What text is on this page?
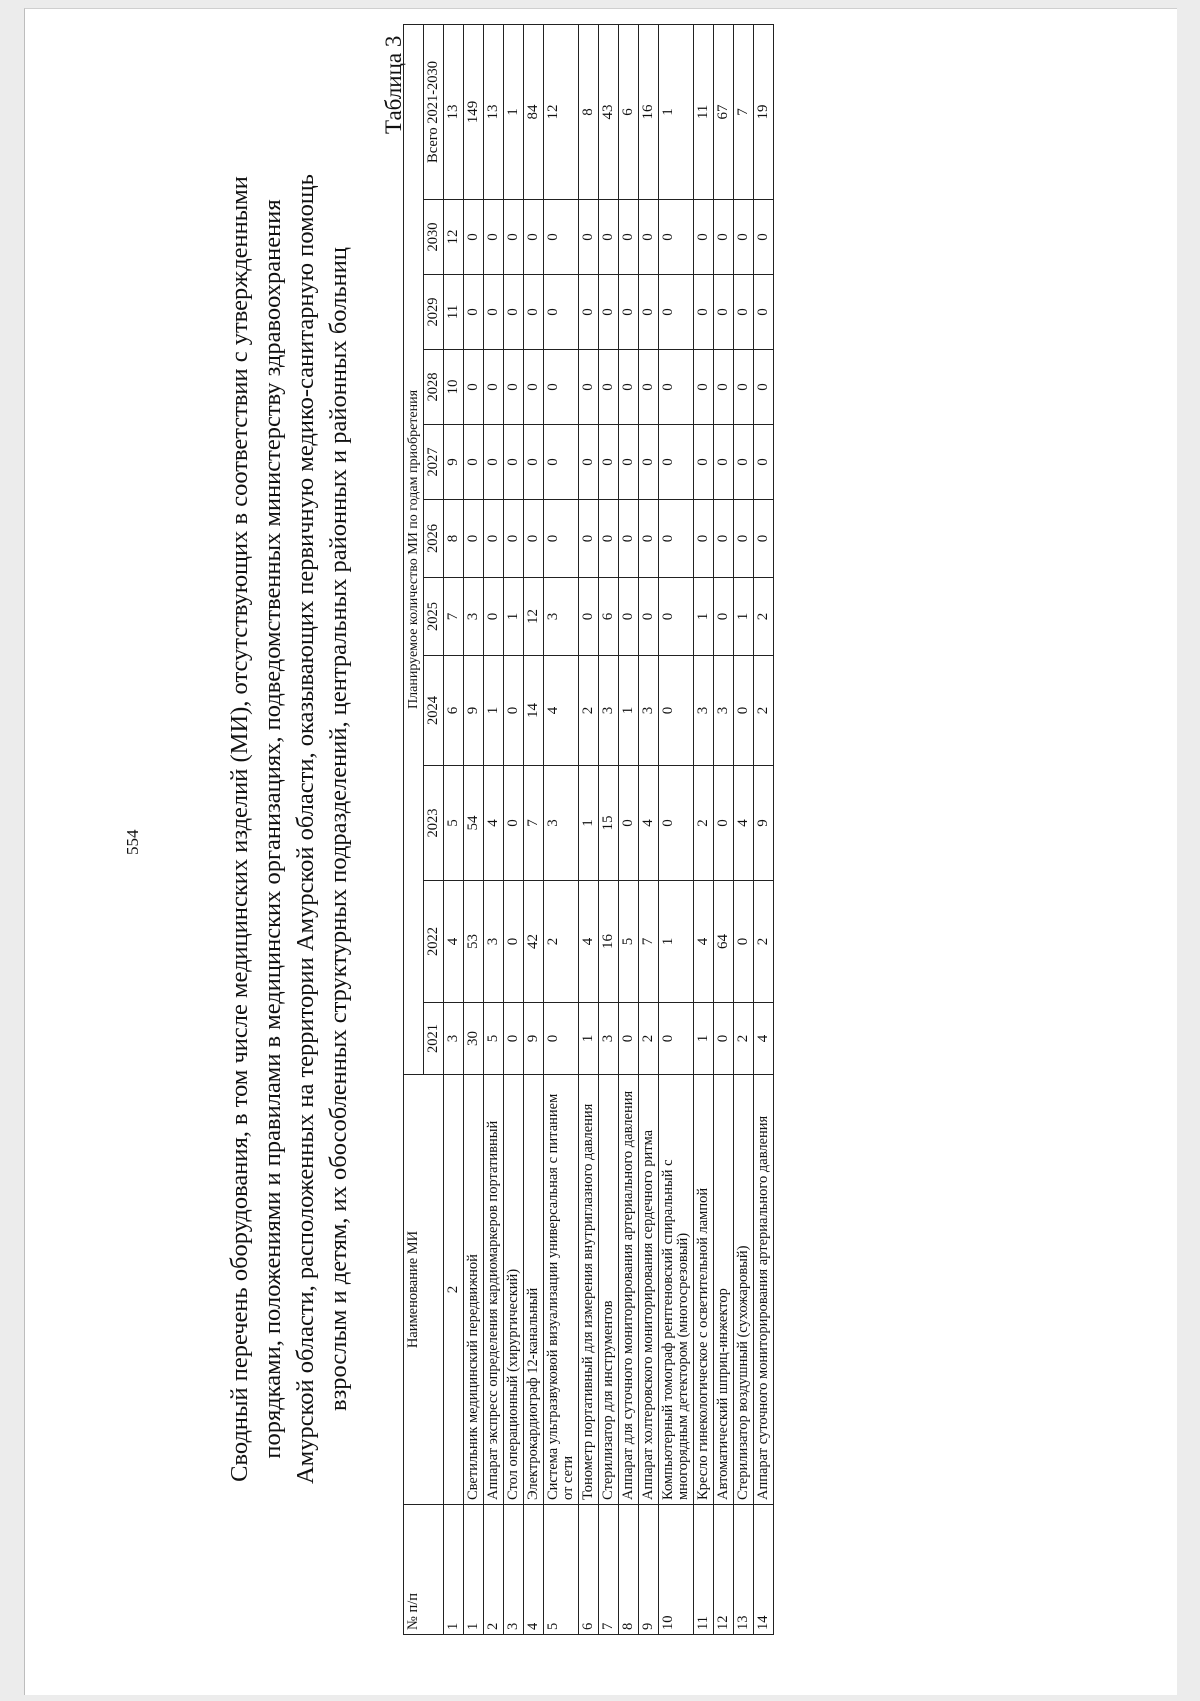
554	Сводный перечень оборудования, в том числе медицинских изделий (МИ), отсутствующих в соответствии с утвержденными порядками, положениями и правилами в медицинских организациях, подведомственных министерству здравоохранения Амурской области, расположенных на территории Амурской области, оказывающих первичную медико-санитарную помощь взрослым и детям, их обособленных структурных подразделений, центральных районных и районных больниц
Таблица 3
№ п/п	Наименование МИ	Планируемое количество МИ по годам приобретения										
		2021	2022	2023	2024	2025	2026	2027	2028	2029	2030	Всего 2021-2030
1	2	3	4	5	6	7	8	9	10	11	12	13
1	Светильник медицинский передвижной	30	53	54	9	3	0	0	0	0	0	149
2	Аппарат экспресс определения кардиомаркеров портативный	5	3	4	1	0	0	0	0	0	0	13
3	Стол операционный (хирургический)	0	0	0	0	1	0	0	0	0	0	1
4	Электрокардиограф 12-канальный	9	42	7	14	12	0	0	0	0	0	84
5	Система ультразвуковой визуализации универсальная с питанием от сети	0	2	3	4	3	0	0	0	0	0	12
6	Тонометр портативный для измерения внутриглазного давления	1	4	1	2	0	0	0	0	0	0	8
7	Стерилизатор для инструментов	3	16	15	3	6	0	0	0	0	0	43
8	Аппарат для суточного мониторирования артериального давления	0	5	0	1	0	0	0	0	0	0	6
9	Аппарат холтеровского мониторирования сердечного ритма	2	7	4	3	0	0	0	0	0	0	16
10	Компьютерный томограф рентгеновский спиральный с многорядным детектором (многосрезовый)	0	1	0	0	0	0	0	0	0	0	1
11	Кресло гинекологическое с осветительной лампой	1	4	2	3	1	0	0	0	0	0	11
12	Автоматический шприц-инжектор	0	64	0	3	0	0	0	0	0	0	67
13	Стерилизатор воздушный (сухожаровый)	2	0	4	0	1	0	0	0	0	0	7
14	Аппарат суточного мониторирования артериального давления	4	2	9	2	2	0	0	0	0	0	19
